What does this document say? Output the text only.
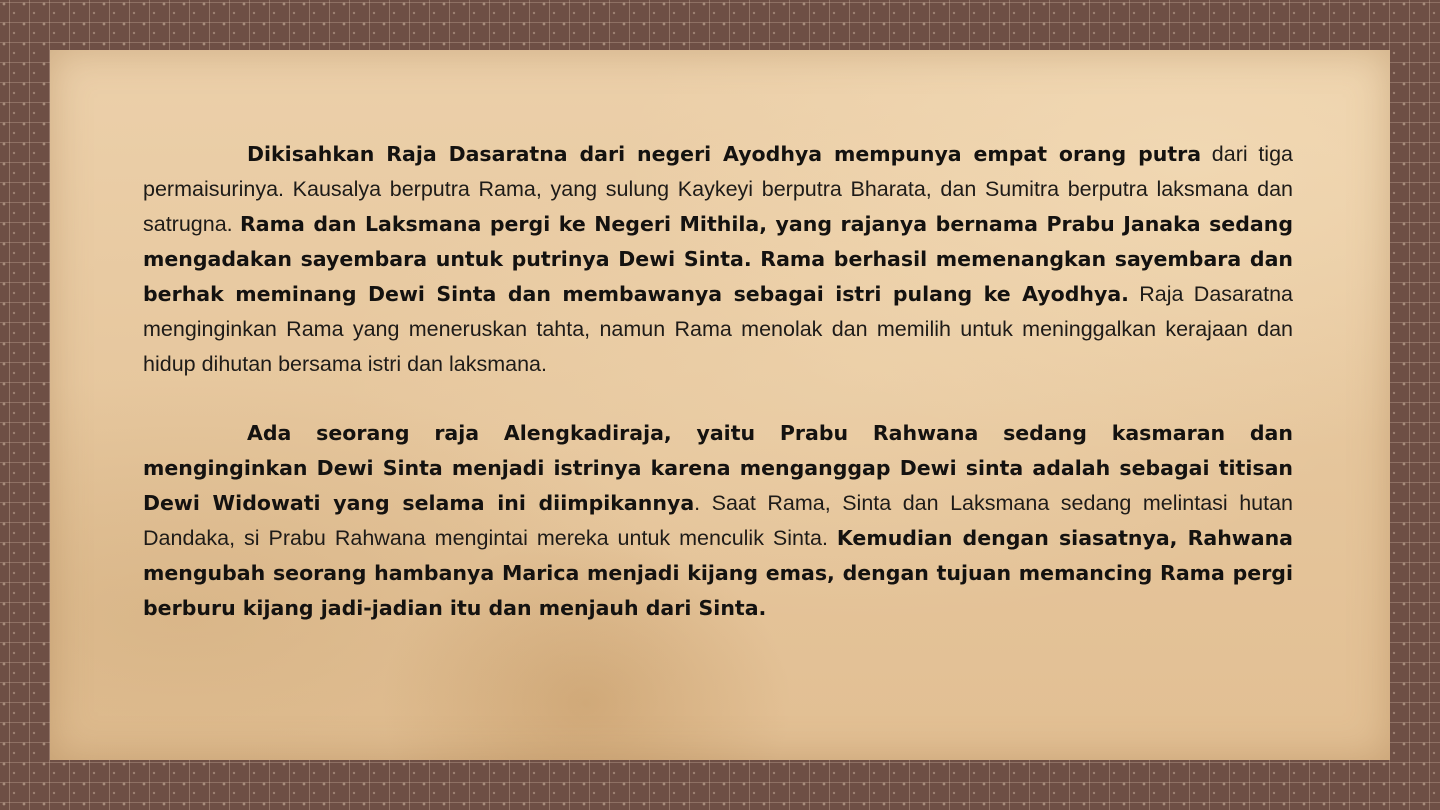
Dikisahkan Raja Dasaratna dari negeri Ayodhya mempunya empat orang putra dari tiga permaisurinya. Kausalya berputra Rama, yang sulung Kaykeyi berputra Bharata, dan Sumitra berputra laksmana dan satrugna. Rama dan Laksmana pergi ke Negeri Mithila, yang rajanya bernama Prabu Janaka sedang mengadakan sayembara untuk putrinya Dewi Sinta. Rama berhasil memenangkan sayembara dan berhak meminang Dewi Sinta dan membawanya sebagai istri pulang ke Ayodhya. Raja Dasaratna menginginkan Rama yang meneruskan tahta, namun Rama menolak dan memilih untuk meninggalkan kerajaan dan hidup dihutan bersama istri dan laksmana.

Ada seorang raja Alengkadiraja, yaitu Prabu Rahwana sedang kasmaran dan menginginkan Dewi Sinta menjadi istrinya karena menganggap Dewi sinta adalah sebagai titisan Dewi Widowati yang selama ini diimpikannya. Saat Rama, Sinta dan Laksmana sedang melintasi hutan Dandaka, si Prabu Rahwana mengintai mereka untuk menculik Sinta. Kemudian dengan siasatnya, Rahwana mengubah seorang hambanya Marica menjadi kijang emas, dengan tujuan memancing Rama pergi berburu kijang jadi-jadian itu dan menjauh dari Sinta.
